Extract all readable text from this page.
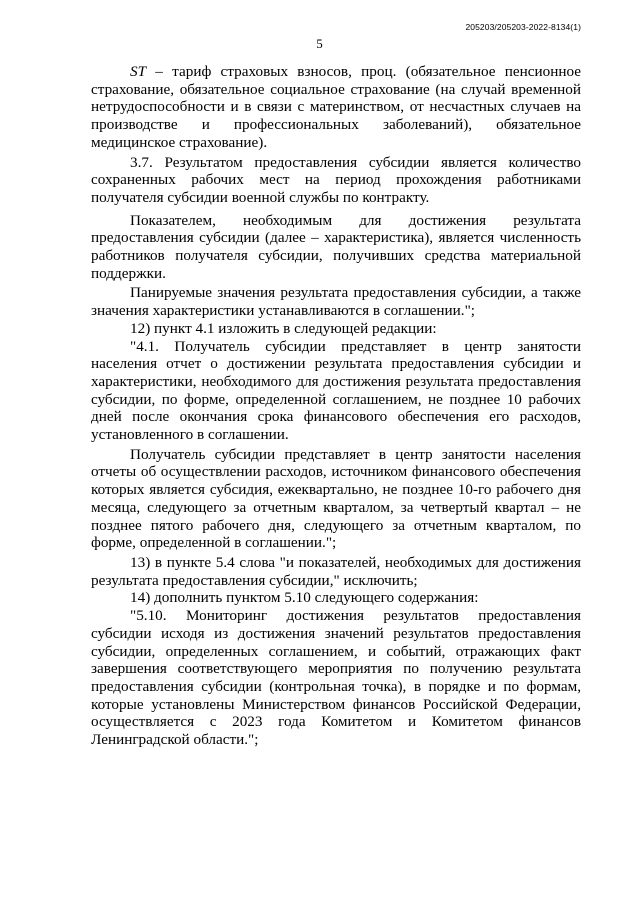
205203/205203-2022-8134(1)
5

ST – тариф страховых взносов, проц. (обязательное пенсионное страхование, обязательное социальное страхование (на случай временной нетрудоспособности и в связи с материнством, от несчастных случаев на производстве и профессиональных заболеваний), обязательное медицинское страхование).

3.7. Результатом предоставления субсидии является количество сохраненных рабочих мест на период прохождения работниками получателя субсидии военной службы по контракту.

Показателем, необходимым для достижения результата предоставления субсидии (далее – характеристика), является численность работников получателя субсидии, получивших средства материальной поддержки.

Панируемые значения результата предоставления субсидии, а также значения характеристики устанавливаются в соглашении.";

12) пункт 4.1 изложить в следующей редакции:

"4.1. Получатель субсидии представляет в центр занятости населения отчет о достижении результата предоставления субсидии и характеристики, необходимого для достижения результата предоставления субсидии, по форме, определенной соглашением, не позднее 10 рабочих дней после окончания срока финансового обеспечения его расходов, установленного в соглашении.

Получатель субсидии представляет в центр занятости населения отчеты об осуществлении расходов, источником финансового обеспечения которых является субсидия, ежеквартально, не позднее 10-го рабочего дня месяца, следующего за отчетным кварталом, за четвертый квартал – не позднее пятого рабочего дня, следующего за отчетным кварталом, по форме, определенной в соглашении.";

13) в пункте 5.4 слова "и показателей, необходимых для достижения результата предоставления субсидии," исключить;

14) дополнить пунктом 5.10 следующего содержания:

"5.10. Мониторинг достижения результатов предоставления субсидии исходя из достижения значений результатов предоставления субсидии, определенных соглашением, и событий, отражающих факт завершения соответствующего мероприятия по получению результата предоставления субсидии (контрольная точка), в порядке и по формам, которые установлены Министерством финансов Российской Федерации, осуществляется с 2023 года Комитетом и Комитетом финансов Ленинградской области.";
